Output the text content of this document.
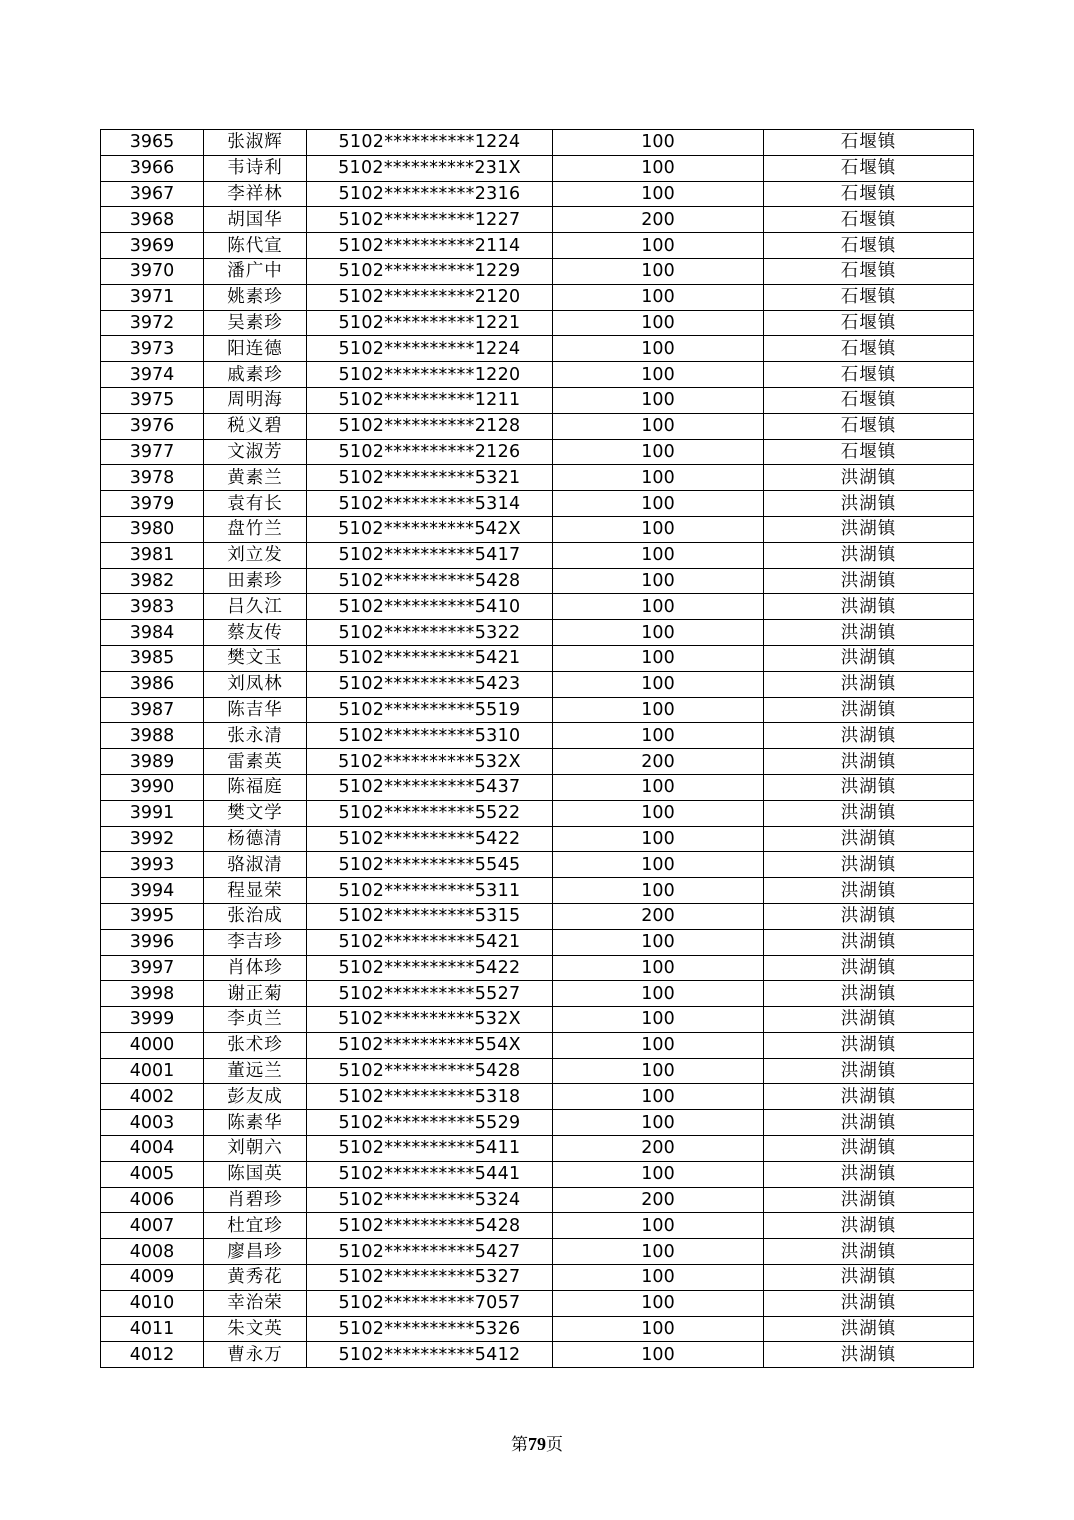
3965	张淑辉	5102**********1224	100	石堰镇
3966	韦诗利	5102**********231X	100	石堰镇
3967	李祥林	5102**********2316	100	石堰镇
3968	胡国华	5102**********1227	200	石堰镇
3969	陈代宣	5102**********2114	100	石堰镇
3970	潘广中	5102**********1229	100	石堰镇
3971	姚素珍	5102**********2120	100	石堰镇
3972	吴素珍	5102**********1221	100	石堰镇
3973	阳连德	5102**********1224	100	石堰镇
3974	戚素珍	5102**********1220	100	石堰镇
3975	周明海	5102**********1211	100	石堰镇
3976	税义碧	5102**********2128	100	石堰镇
3977	文淑芳	5102**********2126	100	石堰镇
3978	黄素兰	5102**********5321	100	洪湖镇
3979	袁有长	5102**********5314	100	洪湖镇
3980	盘竹兰	5102**********542X	100	洪湖镇
3981	刘立发	5102**********5417	100	洪湖镇
3982	田素珍	5102**********5428	100	洪湖镇
3983	吕久江	5102**********5410	100	洪湖镇
3984	蔡友传	5102**********5322	100	洪湖镇
3985	樊文玉	5102**********5421	100	洪湖镇
3986	刘凤林	5102**********5423	100	洪湖镇
3987	陈吉华	5102**********5519	100	洪湖镇
3988	张永清	5102**********5310	100	洪湖镇
3989	雷素英	5102**********532X	200	洪湖镇
3990	陈福庭	5102**********5437	100	洪湖镇
3991	樊文学	5102**********5522	100	洪湖镇
3992	杨德清	5102**********5422	100	洪湖镇
3993	骆淑清	5102**********5545	100	洪湖镇
3994	程显荣	5102**********5311	100	洪湖镇
3995	张治成	5102**********5315	200	洪湖镇
3996	李吉珍	5102**********5421	100	洪湖镇
3997	肖体珍	5102**********5422	100	洪湖镇
3998	谢正菊	5102**********5527	100	洪湖镇
3999	李贞兰	5102**********532X	100	洪湖镇
4000	张术珍	5102**********554X	100	洪湖镇
4001	董远兰	5102**********5428	100	洪湖镇
4002	彭友成	5102**********5318	100	洪湖镇
4003	陈素华	5102**********5529	100	洪湖镇
4004	刘朝六	5102**********5411	200	洪湖镇
4005	陈国英	5102**********5441	100	洪湖镇
4006	肖碧珍	5102**********5324	200	洪湖镇
4007	杜宜珍	5102**********5428	100	洪湖镇
4008	廖昌珍	5102**********5427	100	洪湖镇
4009	黄秀花	5102**********5327	100	洪湖镇
4010	幸治荣	5102**********7057	100	洪湖镇
4011	朱文英	5102**********5326	100	洪湖镇
4012	曹永万	5102**********5412	100	洪湖镇
第79页
